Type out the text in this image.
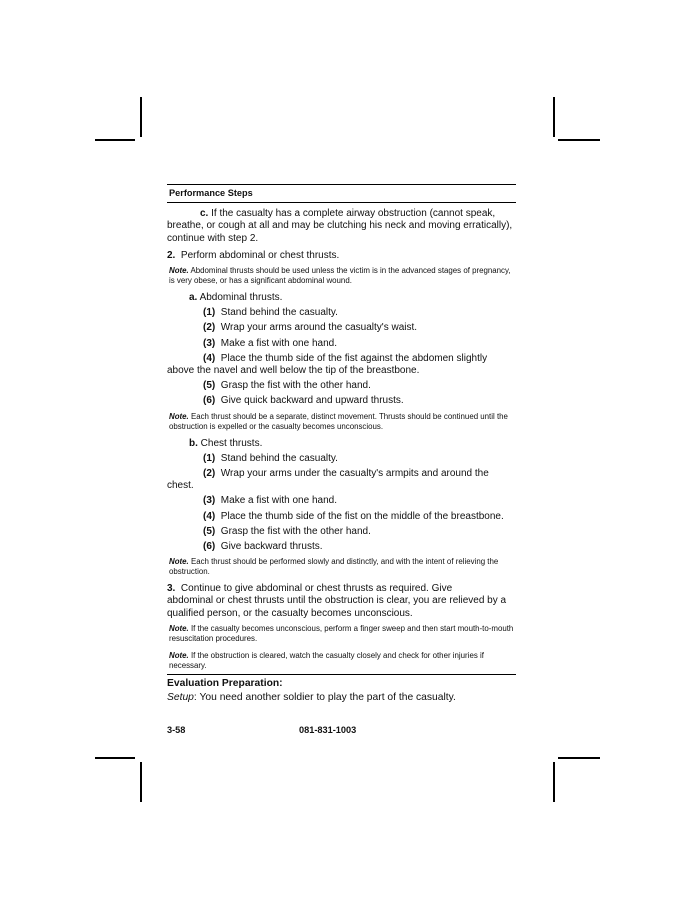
Performance Steps

c. If the casualty has a complete airway obstruction (cannot speak,
breathe, or cough at all and may be clutching his neck and moving erratically), continue with step 2.

2. Perform abdominal or chest thrusts.

Note. Abdominal thrusts should be used unless the victim is in the advanced stages of pregnancy, is very obese, or has a significant abdominal wound.

a. Abdominal thrusts.

(1) Stand behind the casualty.

(2) Wrap your arms around the casualty's waist.

(3) Make a fist with one hand.

(4) Place the thumb side of the fist against the abdomen slightly
above the navel and well below the tip of the breastbone.

(5) Grasp the fist with the other hand.

(6) Give quick backward and upward thrusts.

Note. Each thrust should be a separate, distinct movement. Thrusts should be continued until the obstruction is expelled or the casualty becomes unconscious.

b. Chest thrusts.

(1) Stand behind the casualty.

(2) Wrap your arms under the casualty's armpits and around the
chest.

(3) Make a fist with one hand.

(4) Place the thumb side of the fist on the middle of the breastbone.

(5) Grasp the fist with the other hand.

(6) Give backward thrusts.

Note. Each thrust should be performed slowly and distinctly, and with the intent of relieving the obstruction.

3. Continue to give abdominal or chest thrusts as required. Give
abdominal or chest thrusts until the obstruction is clear, you are relieved by a qualified person, or the casualty becomes unconscious.

Note. If the casualty becomes unconscious, perform a finger sweep and then start mouth-to-mouth resuscitation procedures.

Note. If the obstruction is cleared, watch the casualty closely and check for other injuries if necessary.

Evaluation Preparation:
Setup: You need another soldier to play the part of the casualty.
3-58	081-831-1003
